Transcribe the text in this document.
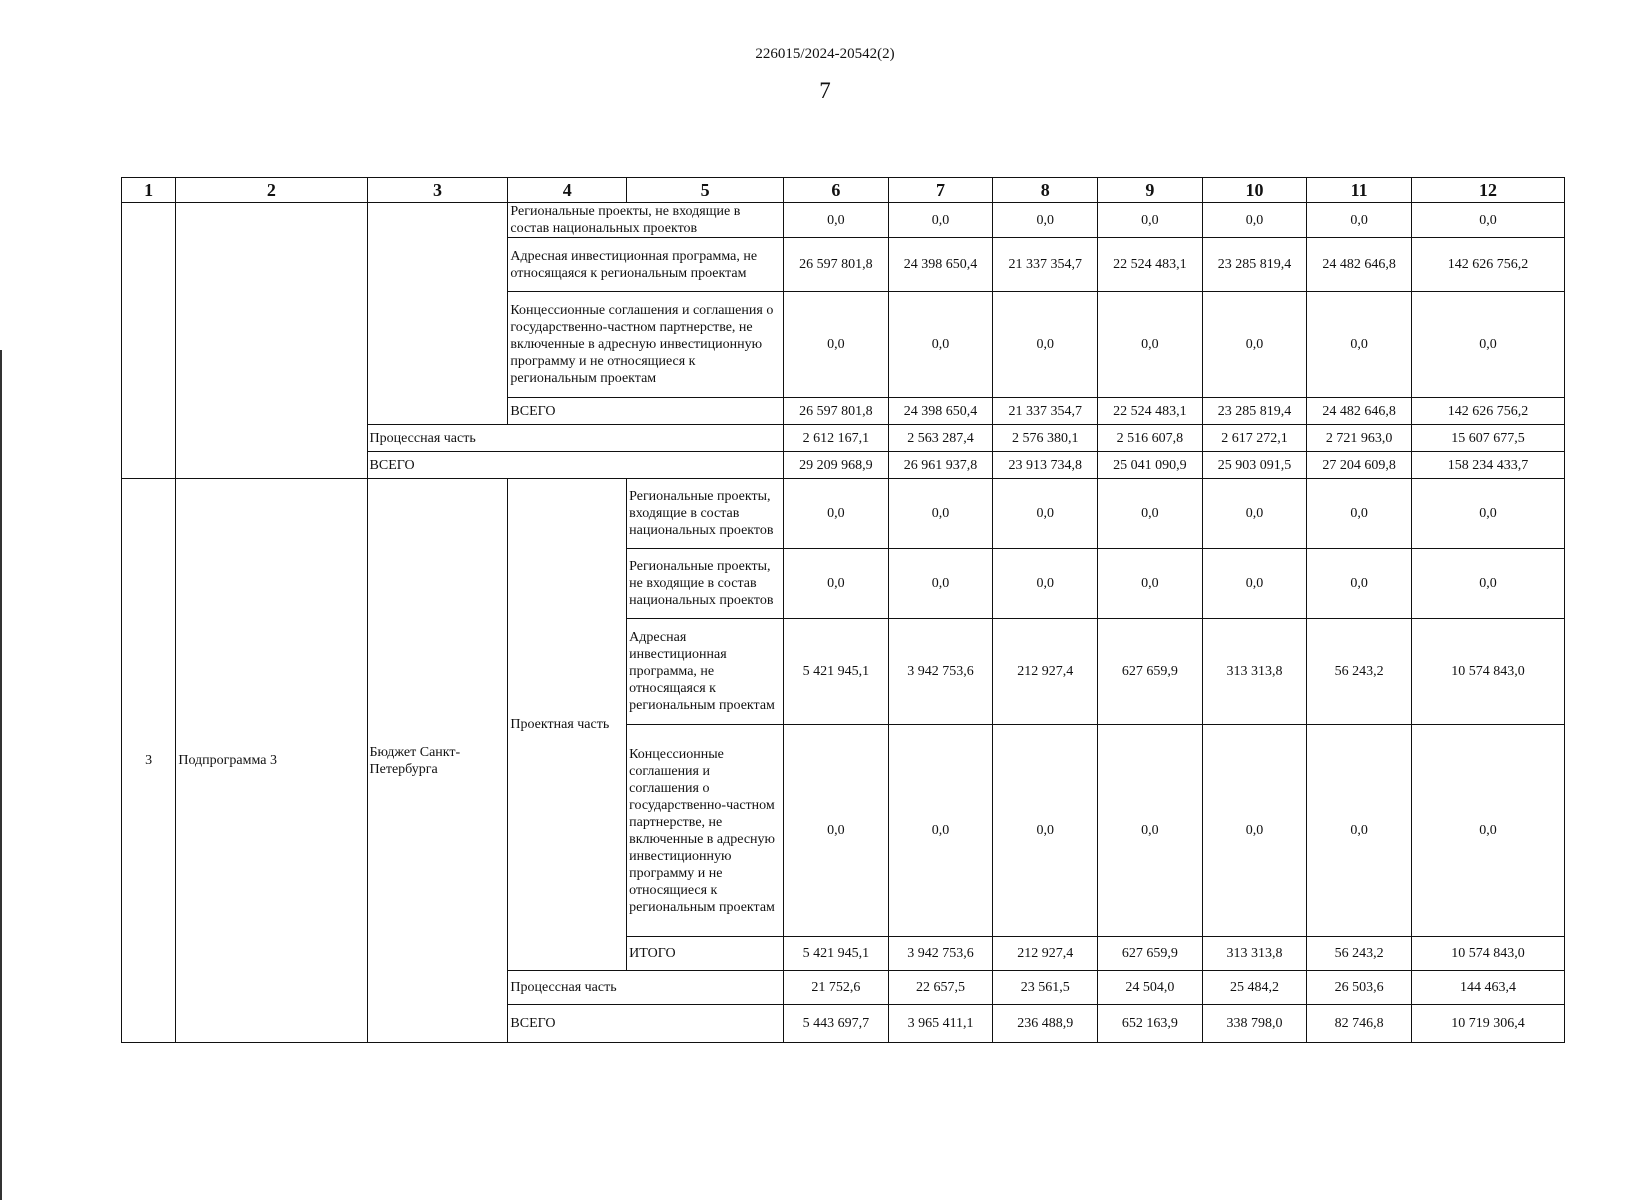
226015/2024-20542(2)
7
1	2	3	4	5	6	7	8	9	10	11	12
			Региональные проекты, не входящие в состав национальных проектов		0,0	0,0	0,0	0,0	0,0	0,0	0,0
			Адресная инвестиционная программа, не относящаяся к региональным проектам		26 597 801,8	24 398 650,4	21 337 354,7	22 524 483,1	23 285 819,4	24 482 646,8	142 626 756,2
			Концессионные соглашения и соглашения о государственно-частном партнерстве, не включенные в адресную инвестиционную программу и не относящиеся к региональным проектам		0,0	0,0	0,0	0,0	0,0	0,0	0,0
			ВСЕГО		26 597 801,8	24 398 650,4	21 337 354,7	22 524 483,1	23 285 819,4	24 482 646,8	142 626 756,2
		Процессная часть			2 612 167,1	2 563 287,4	2 576 380,1	2 516 607,8	2 617 272,1	2 721 963,0	15 607 677,5
		ВСЕГО			29 209 968,9	26 961 937,8	23 913 734,8	25 041 090,9	25 903 091,5	27 204 609,8	158 234 433,7
3	Подпрограмма 3	Бюджет Санкт-Петербурга	Проектная часть	Региональные проекты, входящие в состав национальных проектов	0,0	0,0	0,0	0,0	0,0	0,0	0,0
				Региональные проекты, не входящие в состав национальных проектов	0,0	0,0	0,0	0,0	0,0	0,0	0,0
				Адресная инвестиционная программа, не относящаяся к региональным проектам	5 421 945,1	3 942 753,6	212 927,4	627 659,9	313 313,8	56 243,2	10 574 843,0
				Концессионные соглашения и соглашения о государственно-частном партнерстве, не включенные в адресную инвестиционную программу и не относящиеся к региональным проектам	0,0	0,0	0,0	0,0	0,0	0,0	0,0
				ИТОГО	5 421 945,1	3 942 753,6	212 927,4	627 659,9	313 313,8	56 243,2	10 574 843,0
			Процессная часть		21 752,6	22 657,5	23 561,5	24 504,0	25 484,2	26 503,6	144 463,4
			ВСЕГО		5 443 697,7	3 965 411,1	236 488,9	652 163,9	338 798,0	82 746,8	10 719 306,4
